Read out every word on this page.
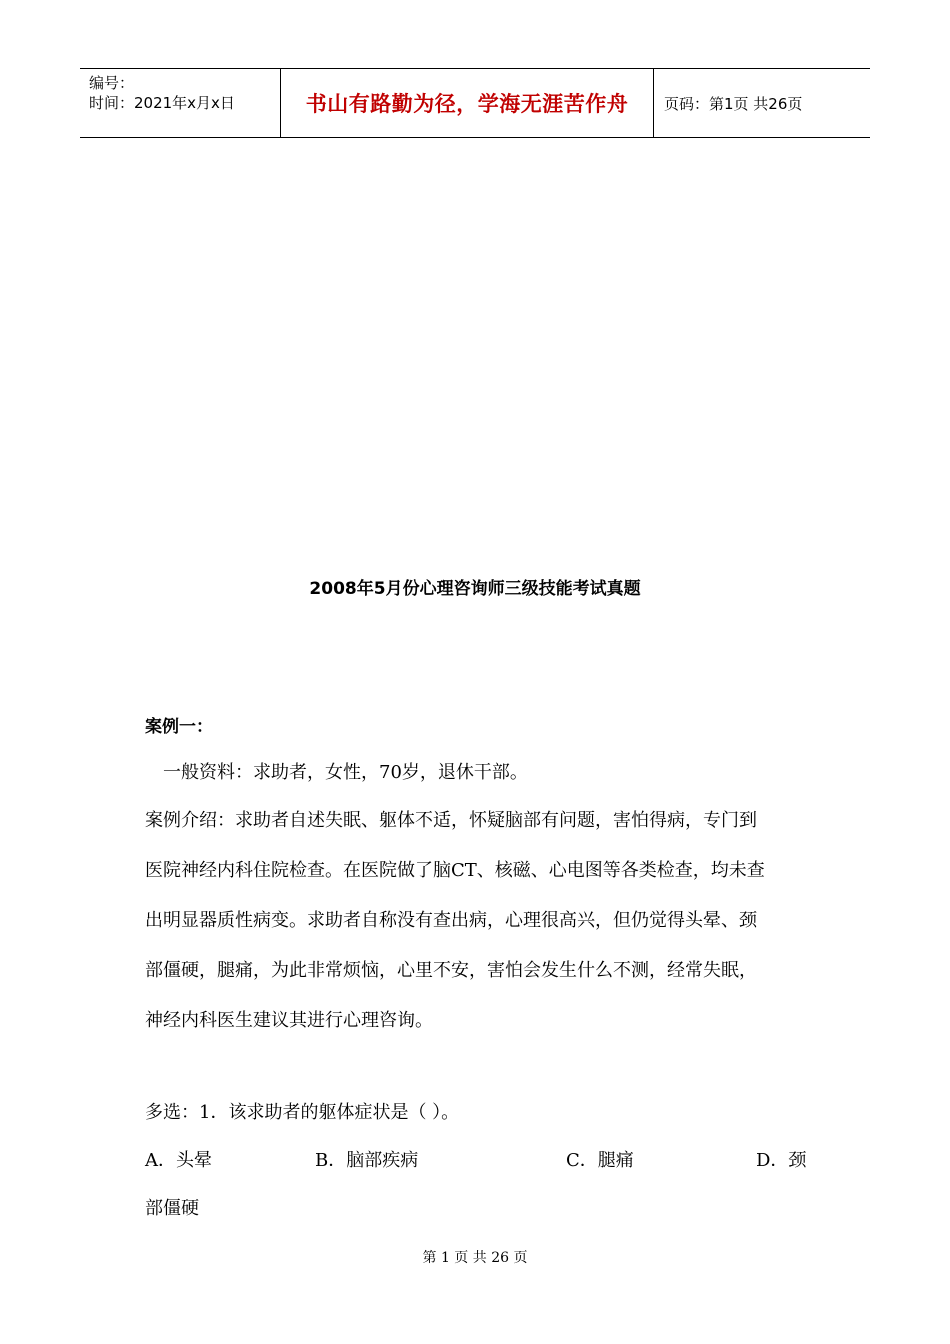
编号：
时间：2021年x月x日	书山有路勤为径，学海无涯苦作舟 页码：第1页 共26页
2008年5月份心理咨询师三级技能考试真题
案例一：
一般资料：求助者，女性，70岁，退休干部。
案例介绍：求助者自述失眠、躯体不适，怀疑脑部有问题，害怕得病，专门到
医院神经内科住院检查。在医院做了脑CT、核磁、心电图等各类检查，均未查
出明显器质性病变。求助者自称没有查出病，心理很高兴，但仍觉得头晕、颈
部僵硬，腿痛，为此非常烦恼，心里不安，害怕会发生什么不测，经常失眠，
神经内科医生建议其进行心理咨询。
多选：1．该求助者的躯体症状是（ ）。
A．头晕	B．脑部疾病	C．腿痛	D．颈
部僵硬
第 1 页 共 26 页
